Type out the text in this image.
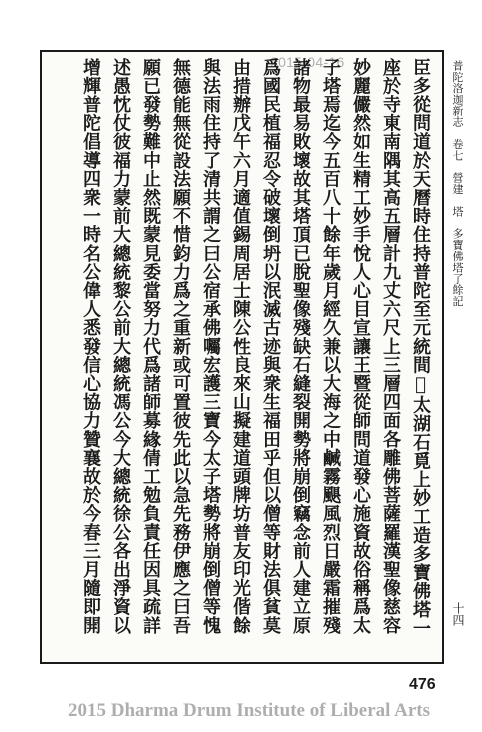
2015-04-16	臣多從問道於天曆時住持普陀至元統間𠊓太湖石覓上妙工造多寶佛塔一
座於寺東南隅其高五層計九丈六尺上三層四面各雕佛菩薩羅漢聖像慈容
妙麗儼然如生精工妙手悅人心目宣讓王暨從師問道發心施資故俗稱爲太
子塔焉迄今五百八十餘年歲月經久兼以大海之中鹹霧颶風烈日嚴霜摧殘
諸物最易敗壞故其塔頂已脫聖像殘缺石縫裂開勢將崩倒竊念前人建立原
爲國民植福忍令破壞倒坍以泯滅古迹與衆生福田乎但以僧等財法俱貧莫
由措辦戊午六月適值錫周居士陳公性良來山擬建道頭牌坊普友印光偕餘
與法雨住持了清共謂之曰公宿承佛囑宏護三寶今太子塔勢將崩倒僧等愧
無德能無從設法願不惜鈞力爲之重新或可置彼先此以急先務伊應之曰吾
願已發勢難中止然既蒙見委當努力代爲諸師募緣倩工勉負責任因具疏詳
述愚忱仗彼福力蒙前大總統黎公前大總統馮公今大總統徐公各出淨資以
增輝普陀倡導四衆一時名公偉人悉發信心協力贊襄故於今春三月隨即開	普陀洛迦新志　卷七　營建　塔　多寶佛塔了餘記
十四
476
2015 Dharma Drum Institute of Liberal Arts
